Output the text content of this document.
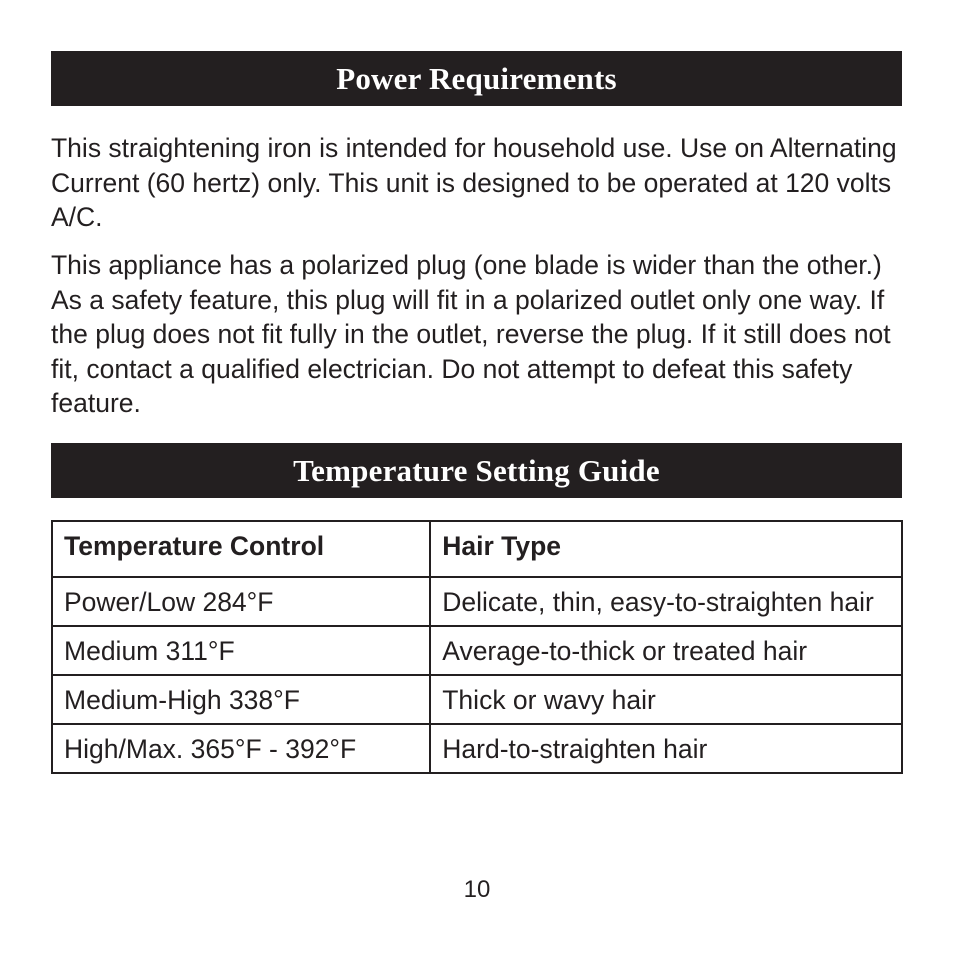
Power Requirements

This straightening iron is intended for household use. Use on Alternating Current (60 hertz) only. This unit is designed to be operated at 120 volts A/C.

This appliance has a polarized plug (one blade is wider than the other.) As a safety feature, this plug will fit in a polarized outlet only one way. If the plug does not fit fully in the outlet, reverse the plug. If it still does not fit, contact a qualified electrician. Do not attempt to defeat this safety feature.

Temperature Setting Guide
Temperature Control	Hair Type
Power/Low 284°F	Delicate, thin, easy-to-straighten hair
Medium 311°F	Average-to-thick or treated hair
Medium-High 338°F	Thick or wavy hair
High/Max. 365°F - 392°F	Hard-to-straighten hair
10
